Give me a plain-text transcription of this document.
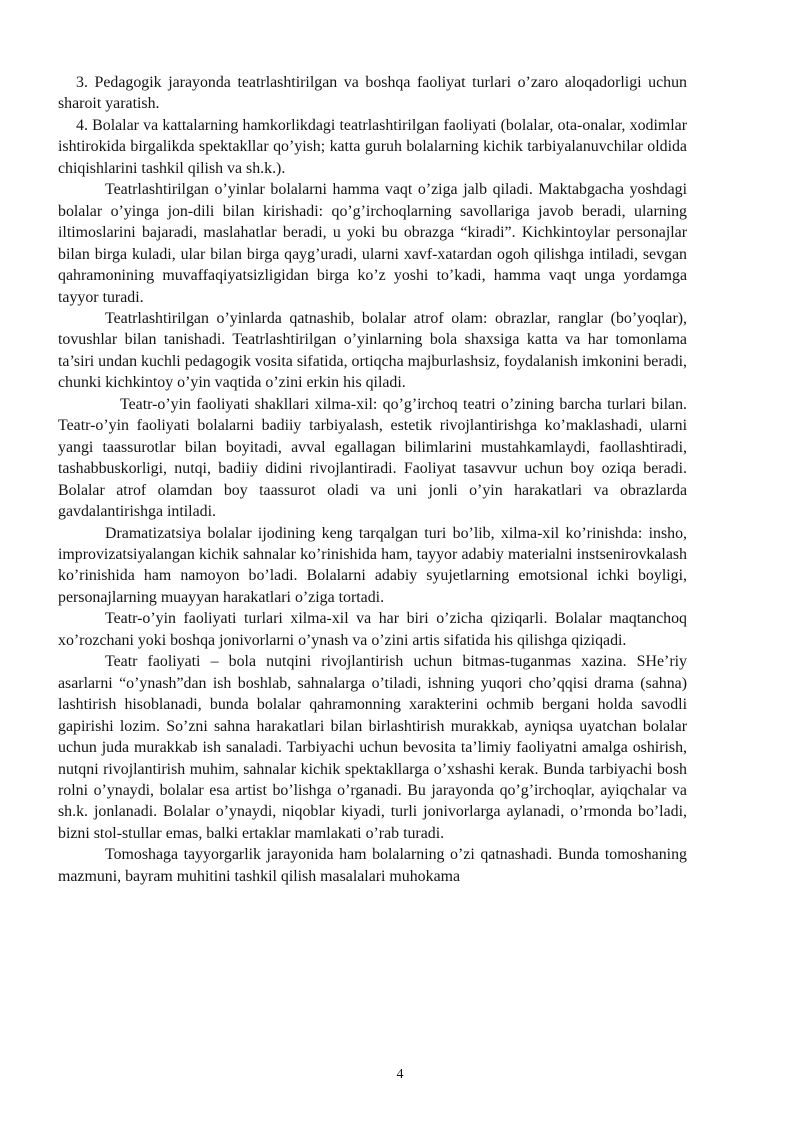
3. Pedagogik jarayonda teatrlashtirilgan va boshqa faoliyat turlari o’zaro aloqadorligi uchun sharoit yaratish.

4. Bolalar va kattalarning hamkorlikdagi teatrlashtirilgan faoliyati (bolalar, ota-onalar, xodimlar ishtirokida birgalikda spektakllar qo’yish; katta guruh bolalarning kichik tarbiyalanuvchilar oldida chiqishlarini tashkil qilish va sh.k.).

Teatrlashtirilgan o’yinlar bolalarni hamma vaqt o’ziga jalb qiladi. Maktabgacha yoshdagi bolalar o’yinga jon-dili bilan kirishadi: qo’g’irchoqlarning savollariga javob beradi, ularning iltimoslarini bajaradi, maslahatlar beradi, u yoki bu obrazga “kiradi”. Kichkintoylar personajlar bilan birga kuladi, ular bilan birga qayg’uradi, ularni xavf-xatardan ogoh qilishga intiladi, sevgan qahramonining muvaffaqiyatsizligidan birga ko’z yoshi to’kadi, hamma vaqt unga yordamga tayyor turadi.

Teatrlashtirilgan o’yinlarda qatnashib, bolalar atrof olam: obrazlar, ranglar (bo’yoqlar), tovushlar bilan tanishadi. Teatrlashtirilgan o’yinlarning bola shaxsiga katta va har tomonlama ta’siri undan kuchli pedagogik vosita sifatida, ortiqcha majburlashsiz, foydalanish imkonini beradi, chunki kichkintoy o’yin vaqtida o’zini erkin his qiladi.

Teatr-o’yin faoliyati shakllari xilma-xil: qo’g’irchoq teatri o’zining barcha turlari bilan. Teatr-o’yin faoliyati bolalarni badiiy tarbiyalash, estetik rivojlantirishga ko’maklashadi, ularni yangi taassurotlar bilan boyitadi, avval egallagan bilimlarini mustahkamlaydi, faollashtiradi, tashabbuskorligi, nutqi, badiiy didini rivojlantiradi. Faoliyat tasavvur uchun boy oziqa beradi. Bolalar atrof olamdan boy taassurot oladi va uni jonli o’yin harakatlari va obrazlarda gavdalantirishga intiladi.

Dramatizatsiya bolalar ijodining keng tarqalgan turi bo’lib, xilma-xil ko’rinishda: insho, improvizatsiyalangan kichik sahnalar ko’rinishida ham, tayyor adabiy materialni instsenirovkalash ko’rinishida ham namoyon bo’ladi. Bolalarni adabiy syujetlarning emotsional ichki boyligi, personajlarning muayyan harakatlari o’ziga tortadi.

Teatr-o’yin faoliyati turlari xilma-xil va har biri o’zicha qiziqarli. Bolalar maqtanchoq xo’rozchani yoki boshqa jonivorlarni o’ynash va o’zini artis sifatida his qilishga qiziqadi.

Teatr faoliyati – bola nutqini rivojlantirish uchun bitmas-tuganmas xazina. SHe’riy asarlarni “o’ynash”dan ish boshlab, sahnalarga o’tiladi, ishning yuqori cho’qqisi drama (sahna) lashtirish hisoblanadi, bunda bolalar qahramonning xarakterini ochmib bergani holda savodli gapirishi lozim. So’zni sahna harakatlari bilan birlashtirish murakkab, ayniqsa uyatchan bolalar uchun juda murakkab ish sanaladi. Tarbiyachi uchun bevosita ta’limiy faoliyatni amalga oshirish, nutqni rivojlantirish muhim, sahnalar kichik spektakllarga o’xshashi kerak. Bunda tarbiyachi bosh rolni o’ynaydi, bolalar esa artist bo’lishga o’rganadi. Bu jarayonda qo’g’irchoqlar, ayiqchalar va sh.k. jonlanadi. Bolalar o’ynaydi, niqoblar kiyadi, turli jonivorlarga aylanadi, o’rmonda bo’ladi, bizni stol-stullar emas, balki ertaklar mamlakati o’rab turadi.

Tomoshaga tayyorgarlik jarayonida ham bolalarning o’zi qatnashadi. Bunda tomoshaning mazmuni, bayram muhitini tashkil qilish masalalari muhokama

4
